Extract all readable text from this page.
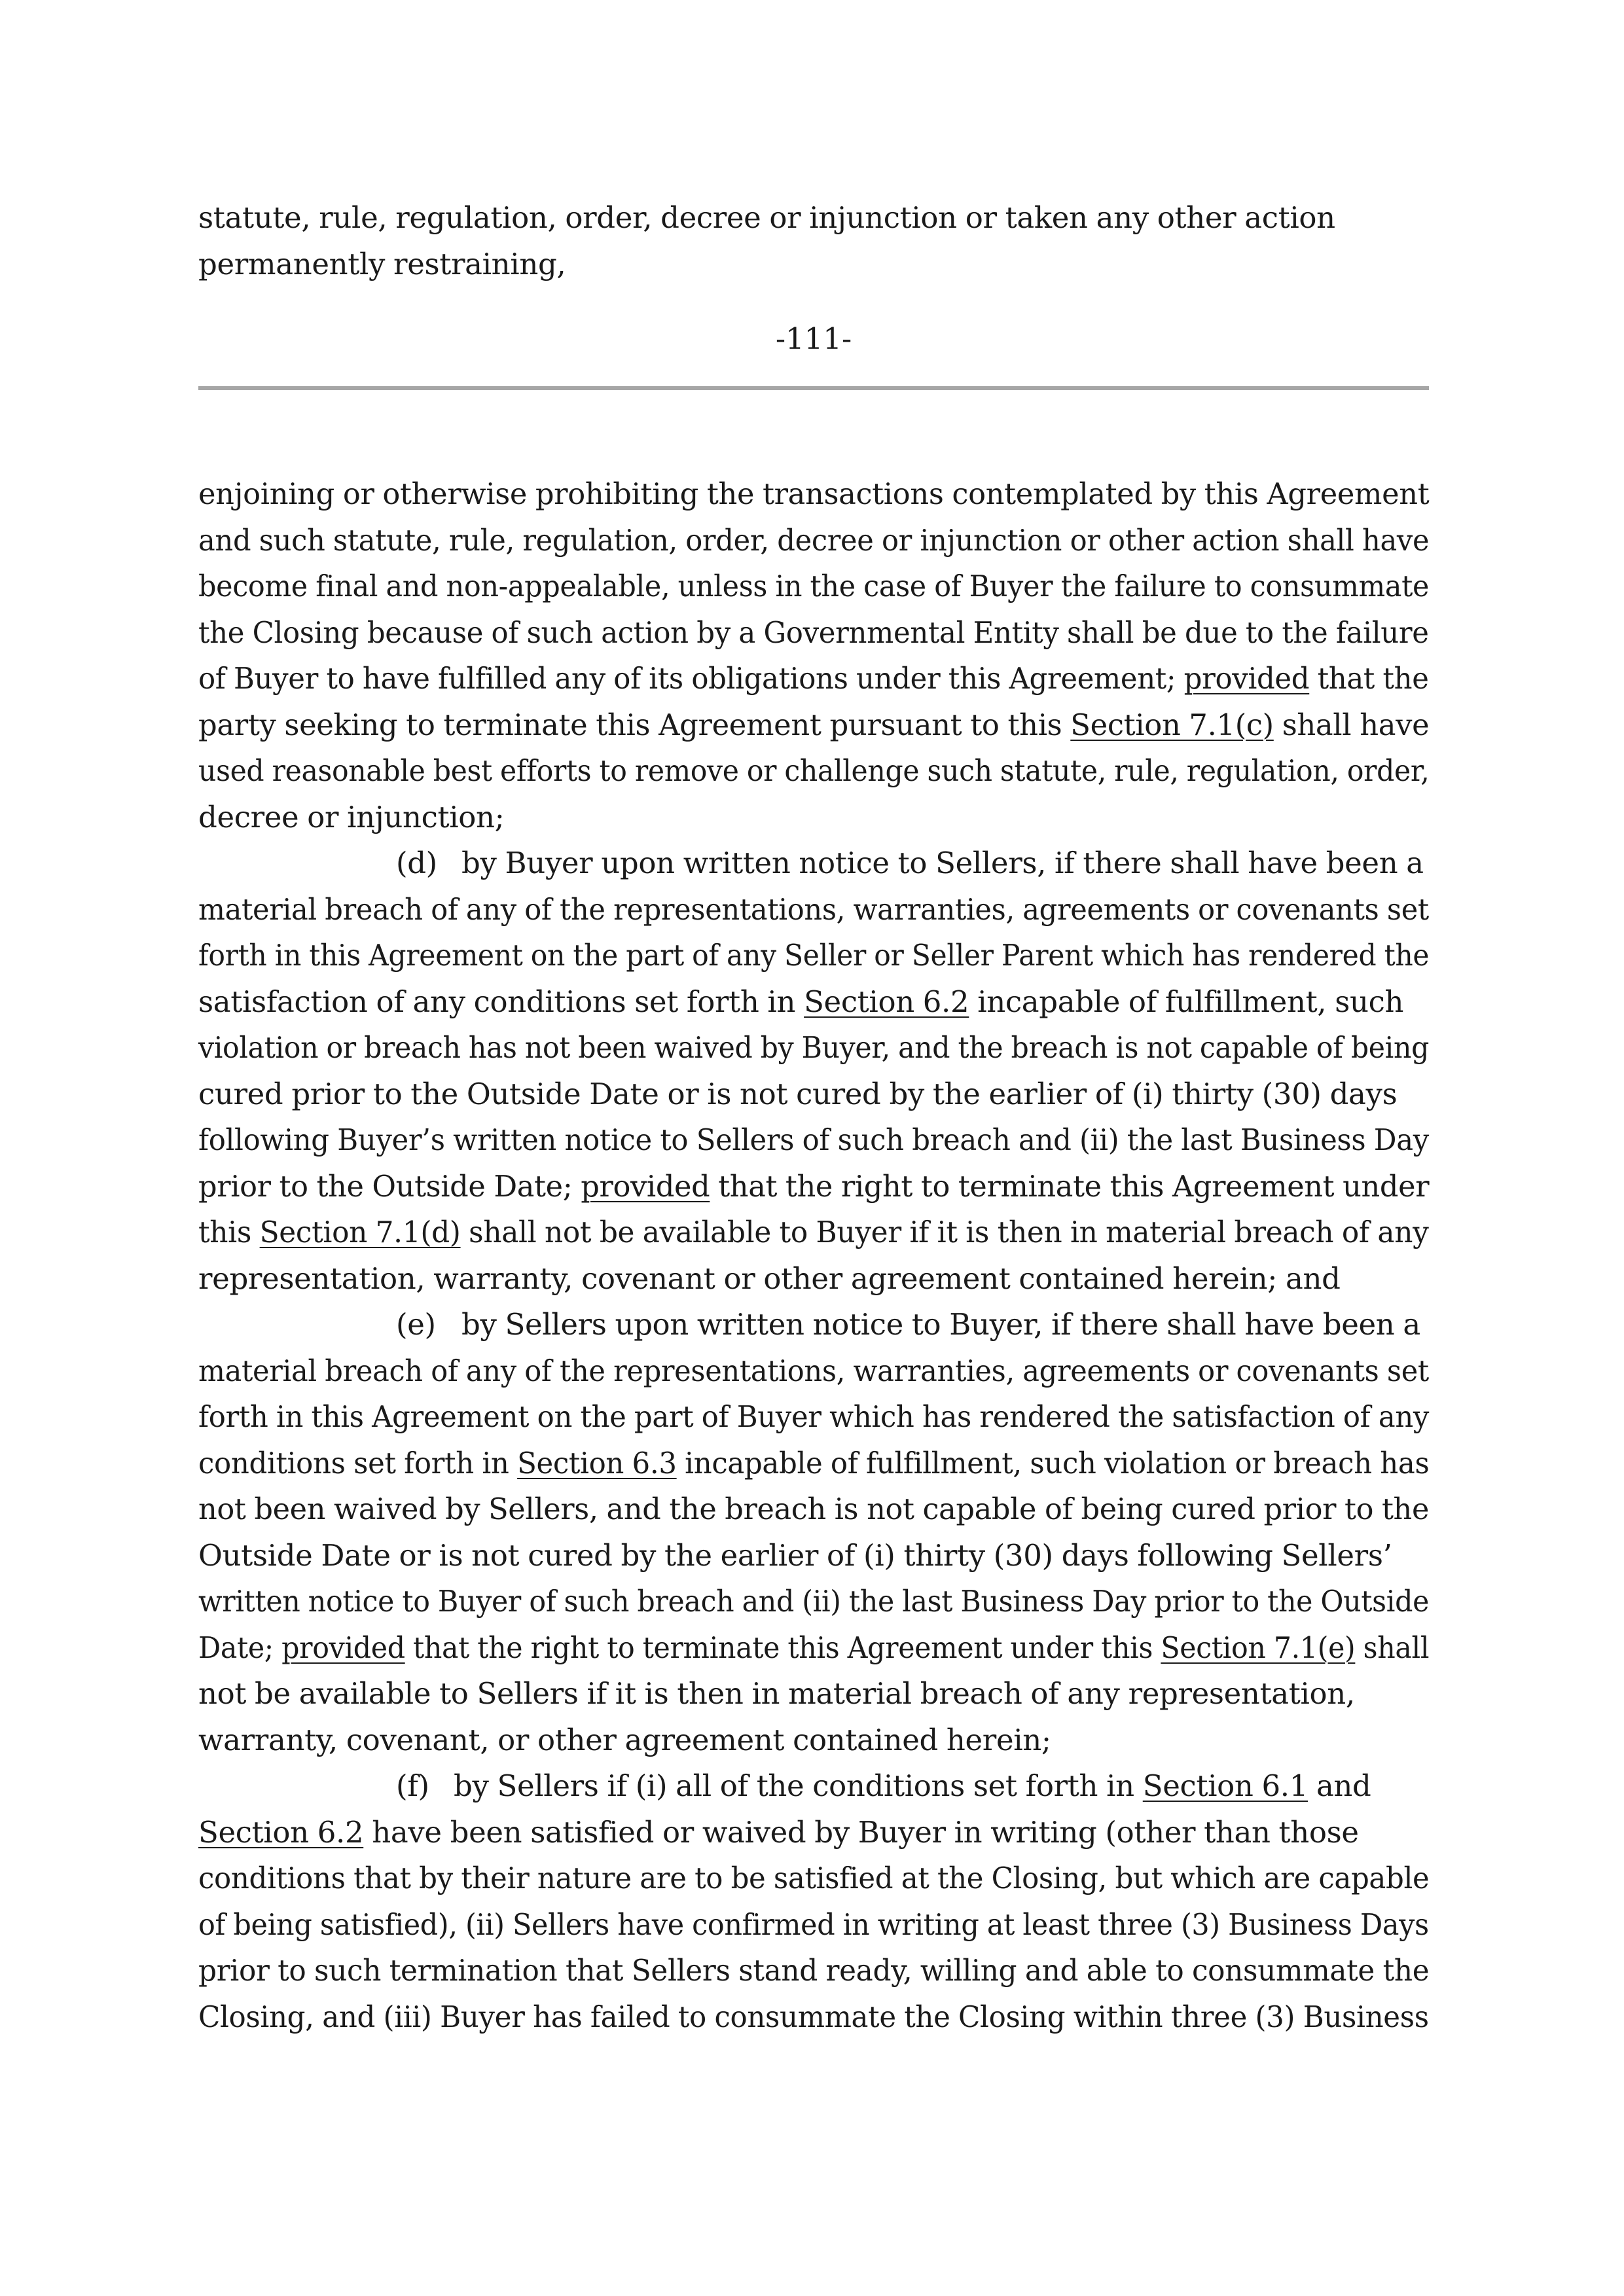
statute, rule, regulation, order, decree or injunction or taken any other action
permanently restraining,
-111-
enjoining or otherwise prohibiting the transactions contemplated by this Agreement
and such statute, rule, regulation, order, decree or injunction or other action shall have
become final and non-appealable, unless in the case of Buyer the failure to consummate
the Closing because of such action by a Governmental Entity shall be due to the failure
of Buyer to have fulfilled any of its obligations under this Agreement; provided that the
party seeking to terminate this Agreement pursuant to this Section 7.1(c) shall have
used reasonable best efforts to remove or challenge such statute, rule, regulation, order,
decree or injunction;
(d) by Buyer upon written notice to Sellers, if there shall have been a
material breach of any of the representations, warranties, agreements or covenants set
forth in this Agreement on the part of any Seller or Seller Parent which has rendered the
satisfaction of any conditions set forth in Section 6.2 incapable of fulfillment, such
violation or breach has not been waived by Buyer, and the breach is not capable of being
cured prior to the Outside Date or is not cured by the earlier of (i) thirty (30) days
following Buyer’s written notice to Sellers of such breach and (ii) the last Business Day
prior to the Outside Date; provided that the right to terminate this Agreement under
this Section 7.1(d) shall not be available to Buyer if it is then in material breach of any
representation, warranty, covenant or other agreement contained herein; and
(e) by Sellers upon written notice to Buyer, if there shall have been a
material breach of any of the representations, warranties, agreements or covenants set
forth in this Agreement on the part of Buyer which has rendered the satisfaction of any
conditions set forth in Section 6.3 incapable of fulfillment, such violation or breach has
not been waived by Sellers, and the breach is not capable of being cured prior to the
Outside Date or is not cured by the earlier of (i) thirty (30) days following Sellers’
written notice to Buyer of such breach and (ii) the last Business Day prior to the Outside
Date; provided that the right to terminate this Agreement under this Section 7.1(e) shall
not be available to Sellers if it is then in material breach of any representation,
warranty, covenant, or other agreement contained herein;
(f) by Sellers if (i) all of the conditions set forth in Section 6.1 and
Section 6.2 have been satisfied or waived by Buyer in writing (other than those
conditions that by their nature are to be satisfied at the Closing, but which are capable
of being satisfied), (ii) Sellers have confirmed in writing at least three (3) Business Days
prior to such termination that Sellers stand ready, willing and able to consummate the
Closing, and (iii) Buyer has failed to consummate the Closing within three (3) Business
